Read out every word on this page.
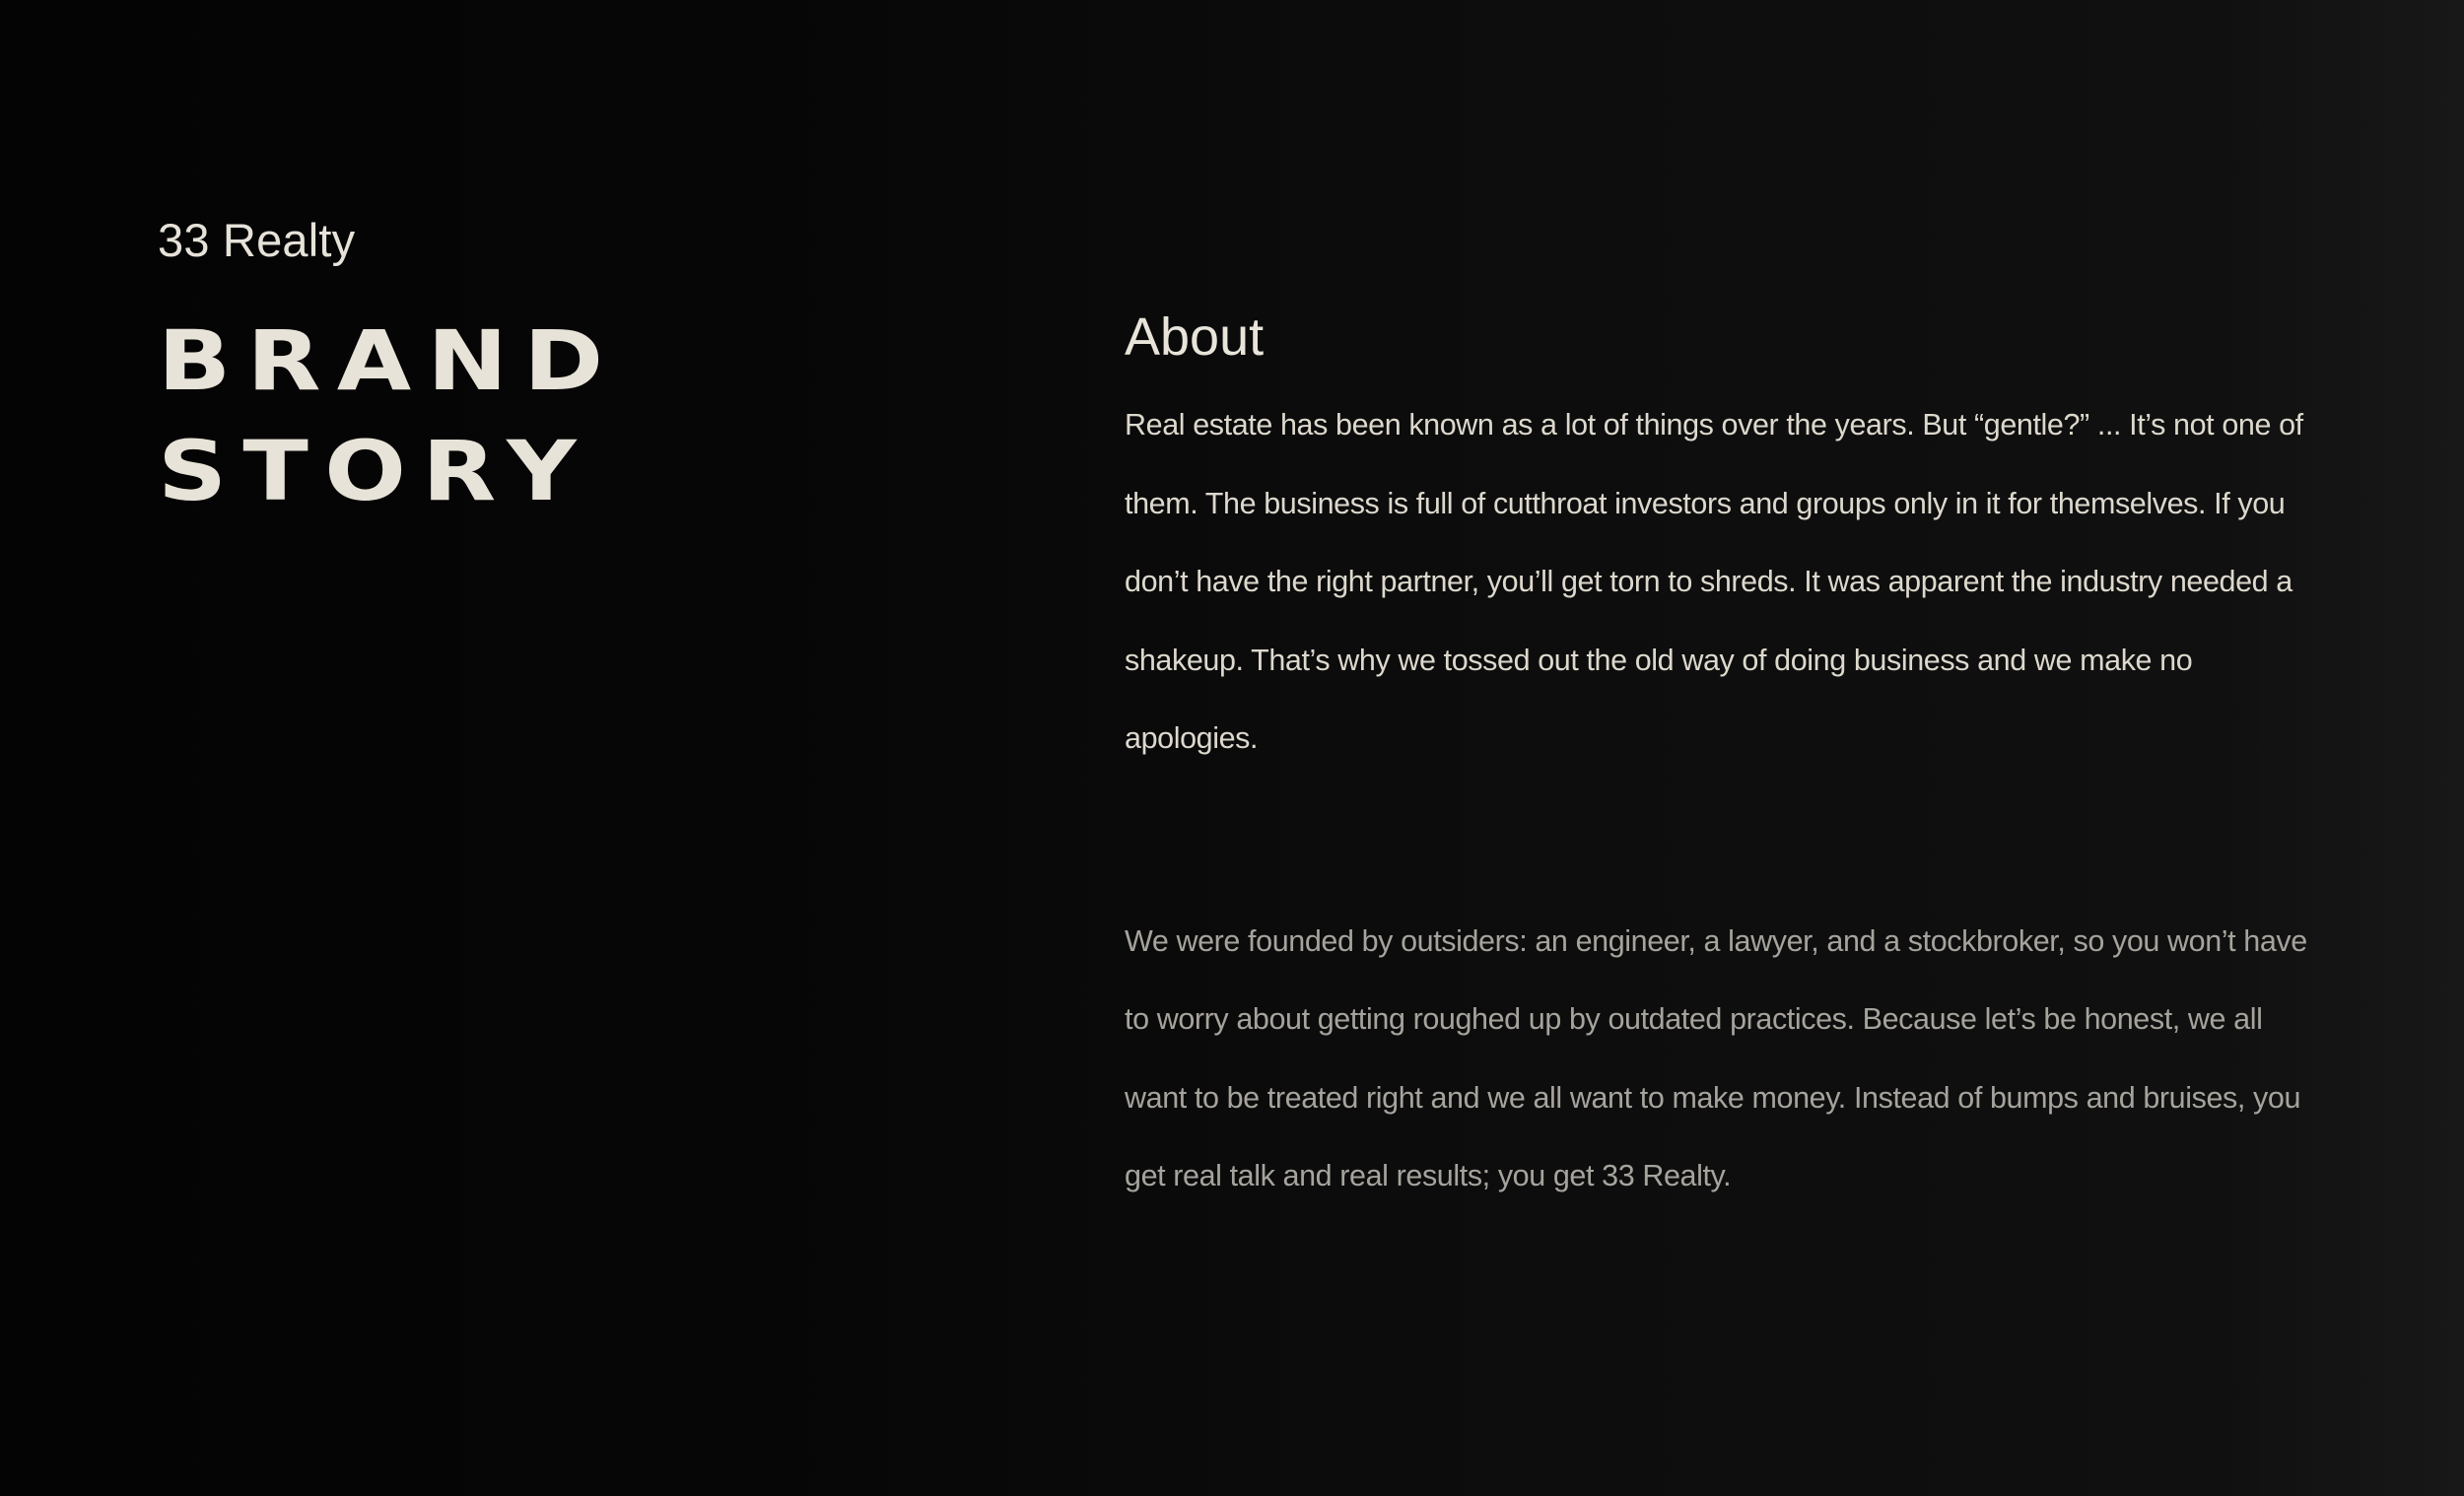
33 Realty

BRAND
STORY
About

Real estate has been known as a lot of things over the years. But “gentle?” ... It’s not one of them. The business is full of cutthroat investors and groups only in it for themselves. If you don’t have the right partner, you’ll get torn to shreds. It was apparent the industry needed a shakeup. That’s why we tossed out the old way of doing business and we make no apologies.

We were founded by outsiders: an engineer, a lawyer, and a stockbroker, so you won’t have to worry about getting roughed up by outdated practices. Because let’s be honest, we all want to be treated right and we all want to make money. Instead of bumps and bruises, you get real talk and real results; you get 33 Realty.
